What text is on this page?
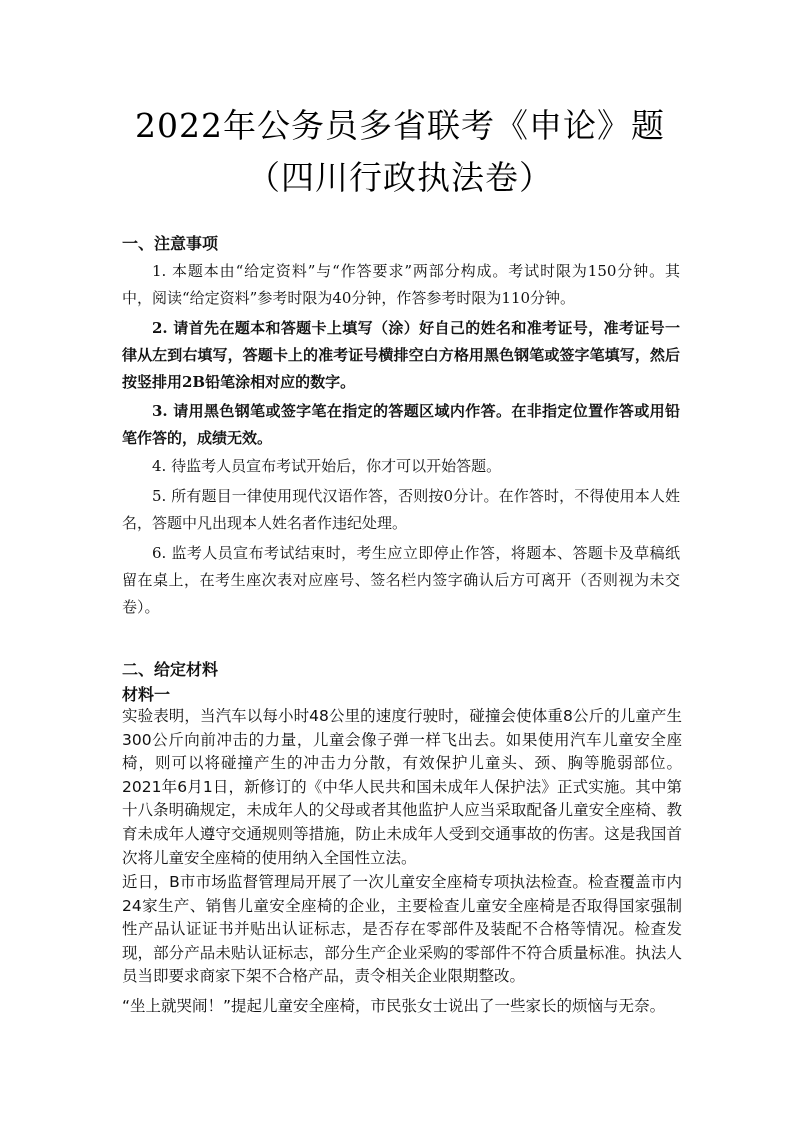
2022年公务员多省联考《申论》题
（四川行政执法卷）
一、注意事项

1. 本题本由“给定资料”与“作答要求”两部分构成。考试时限为150分钟。其中，阅读“给定资料”参考时限为40分钟，作答参考时限为110分钟。

2. 请首先在题本和答题卡上填写（涂）好自己的姓名和准考证号，准考证号一律从左到右填写，答题卡上的准考证号横排空白方格用黑色钢笔或签字笔填写，然后按竖排用2B铅笔涂相对应的数字。

3. 请用黑色钢笔或签字笔在指定的答题区域内作答。在非指定位置作答或用铅笔作答的，成绩无效。

4. 待监考人员宣布考试开始后，你才可以开始答题。

5. 所有题目一律使用现代汉语作答，否则按0分计。在作答时，不得使用本人姓名，答题中凡出现本人姓名者作违纪处理。

6. 监考人员宣布考试结束时，考生应立即停止作答，将题本、答题卡及草稿纸留在桌上，在考生座次表对应座号、签名栏内签字确认后方可离开（否则视为未交卷）。

二、给定材料
材料一

实验表明，当汽车以每小时48公里的速度行驶时，碰撞会使体重8公斤的儿童产生300公斤向前冲击的力量，儿童会像子弹一样飞出去。如果使用汽车儿童安全座椅，则可以将碰撞产生的冲击力分散，有效保护儿童头、颈、胸等脆弱部位。2021年6月1日，新修订的《中华人民共和国未成年人保护法》正式实施。其中第十八条明确规定，未成年人的父母或者其他监护人应当采取配备儿童安全座椅、教育未成年人遵守交通规则等措施，防止未成年人受到交通事故的伤害。这是我国首次将儿童安全座椅的使用纳入全国性立法。

近日，B市市场监督管理局开展了一次儿童安全座椅专项执法检查。检查覆盖市内24家生产、销售儿童安全座椅的企业，主要检查儿童安全座椅是否取得国家强制性产品认证证书并贴出认证标志，是否存在零部件及装配不合格等情况。检查发现，部分产品未贴认证标志，部分生产企业采购的零部件不符合质量标准。执法人员当即要求商家下架不合格产品，责令相关企业限期整改。

“坐上就哭闹！”提起儿童安全座椅，市民张女士说出了一些家长的烦恼与无奈。
